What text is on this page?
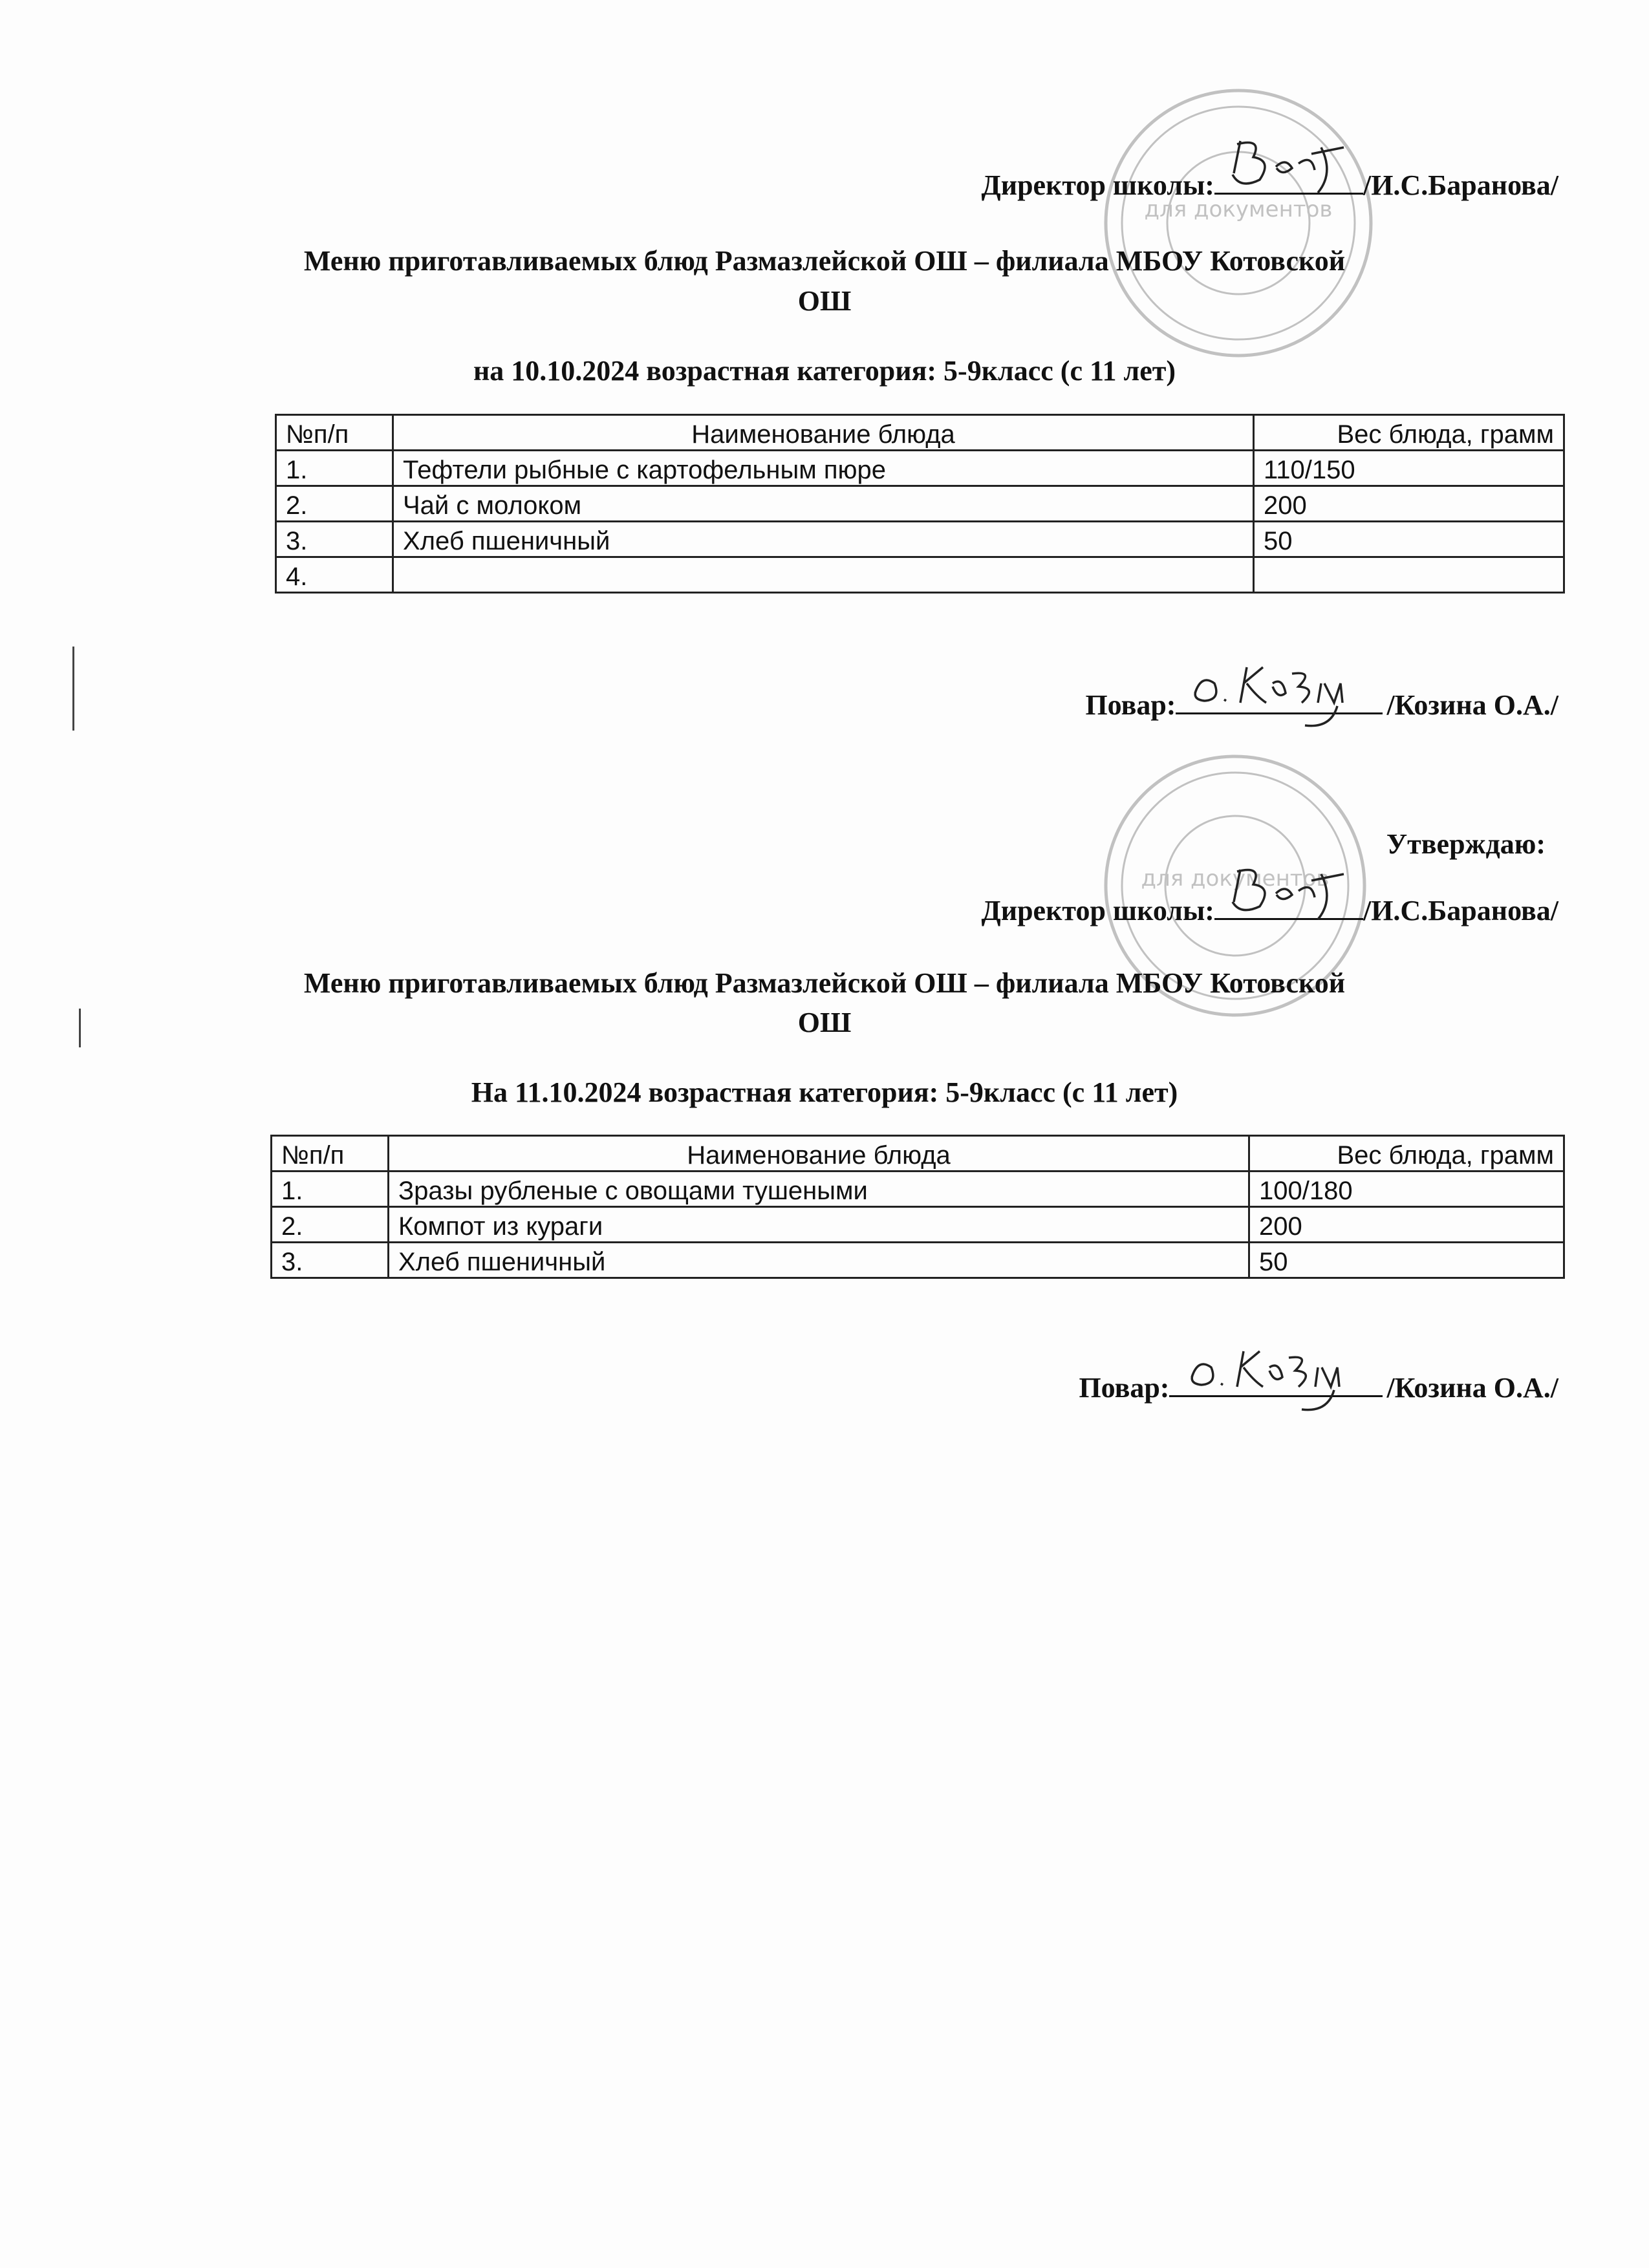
для документов
Директор школы:	/И.С.Баранова/
Меню приготавливаемых блюд Размазлейской ОШ – филиала МБОУ Котовской
ОШ
на 10.10.2024 возрастная категория: 5-9класс (с 11 лет)
№п/п	Наименование блюда	Вес блюда, грамм
1.	Тефтели рыбные с картофельным пюре	110/150
2.	Чай с молоком	200
3.	Хлеб пшеничный	50
4.		
Повар:	/Козина О.А./
для документов
Утверждаю:
Директор школы:	/И.С.Баранова/
Меню приготавливаемых блюд Размазлейской ОШ – филиала МБОУ Котовской
ОШ
На 11.10.2024 возрастная категория: 5-9класс (с 11 лет)
№п/п	Наименование блюда	Вес блюда, грамм
1.	Зразы рубленые с овощами тушеными	100/180
2.	Компот из кураги	200
3.	Хлеб пшеничный	50
Повар:	/Козина О.А./
